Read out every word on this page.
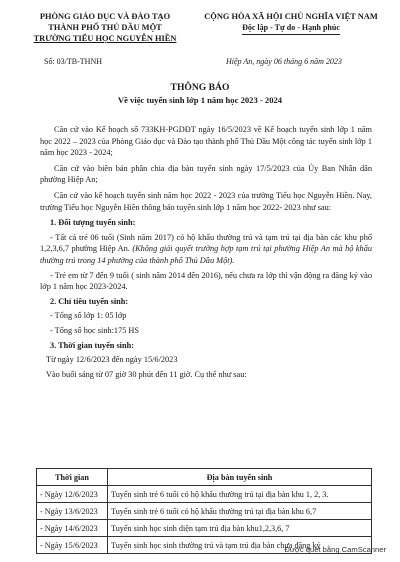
PHÒNG GIÁO DỤC VÀ ĐÀO TẠO
THÀNH PHỐ THỦ DẦU MỘT
TRƯỜNG TIỂU HỌC NGUYỄN HIỀN
CỘNG HÒA XÃ HỘI CHỦ NGHĨA VIỆT NAM
Độc lập - Tự do - Hạnh phúc
Số: 03/TB-THNH	Hiệp An, ngày 06 tháng 6 năm 2023
THÔNG BÁO
Về việc tuyển sinh lớp 1 năm học 2023 - 2024

Căn cứ vào Kế hoạch số 733KH-PGDĐT ngày 16/5/2023 về Kế hoạch tuyển sinh lớp 1 năm học 2022 – 2023 của Phòng Giáo dục và Đào tạo thành phố Thủ Dầu Một công tác tuyển sinh lớp 1 năm học 2023 - 2024;

Căn cứ vào biên bản phân chia địa bàn tuyển sinh ngày 17/5/2023 của Ủy Ban Nhân dân phường Hiệp An;

Căn cứ vào kế hoạch tuyển sinh năm học 2022 - 2023 của trường Tiểu học Nguyễn Hiền. Nay, trường Tiểu học Nguyễn Hiền thông báo tuyển sinh lớp 1 năm học 2022- 2023 như sau:

1. Đối tượng tuyển sinh:

- Tất cả trẻ 06 tuổi (Sinh năm 2017) có hộ khẩu thường trú và tạm trú tại địa bàn các khu phố 1,2,3,6,7 phường Hiệp An. (Không giải quyết trường hợp tạm trú tại phường Hiệp An mà hộ khẩu thường trú trong 14 phường của thành phố Thủ Dầu Một).

- Trẻ em từ 7 đến 9 tuổi ( sinh năm 2014 đến 2016), nếu chưa ra lớp thì vận động ra đăng ký vào lớp 1 năm học 2023-2024.

2. Chỉ tiêu tuyển sinh:

- Tổng số lớp 1: 05 lớp

- Tổng số học sinh:175 HS

3. Thời gian tuyển sinh:

Từ ngày 12/6/2023 đến ngày 15/6/2023

Vào buổi sáng từ 07 giờ 30 phút đến 11 giờ. Cụ thể như sau:

Thời gian	Địa bàn tuyển sinh
- Ngày 12/6/2023	Tuyển sinh trẻ 6 tuổi có hộ khẩu thường trú tại địa bàn khu 1, 2, 3.
- Ngày 13/6/2023	Tuyển sinh trẻ 6 tuổi có hộ khẩu thường trú tại địa bàn khu 6,7
- Ngày 14/6/2023	Tuyển sinh học sinh diện tạm trú địa bàn khu1,2,3,6, 7
- Ngày 15/6/2023	Tuyển sinh học sinh thường trú và tạm trú địa bàn chưa đăng ký
Được quét bằng CamScanner
